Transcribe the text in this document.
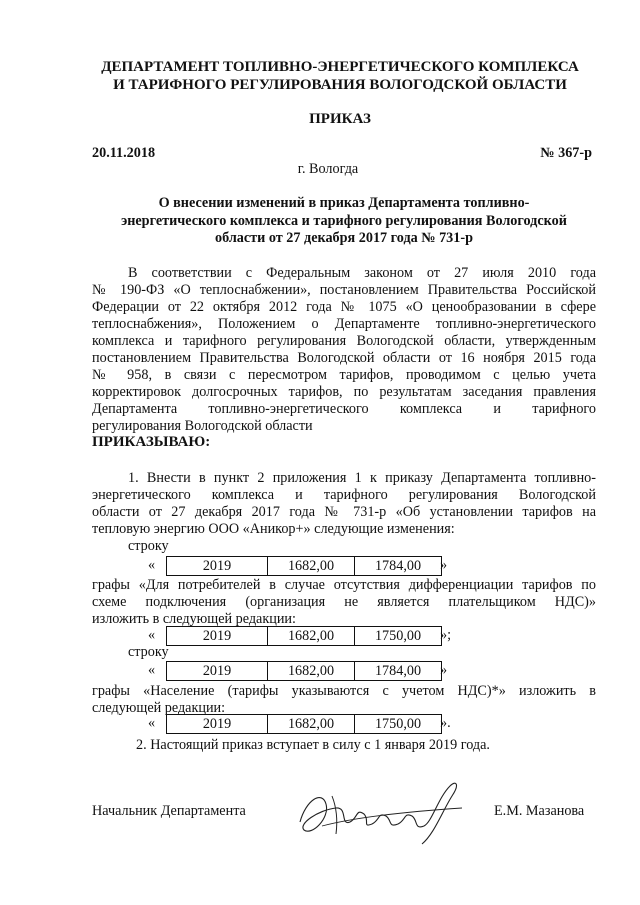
ДЕПАРТАМЕНТ ТОПЛИВНО-ЭНЕРГЕТИЧЕСКОГО КОМПЛЕКСА
И ТАРИФНОГО РЕГУЛИРОВАНИЯ ВОЛОГОДСКОЙ ОБЛАСТИ
ПРИКАЗ
20.11.2018	№ 367-р
г. Вологда
О внесении изменений в приказ Департамента топливно-
энергетического комплекса и тарифного регулирования Вологодской
области от 27 декабря 2017 года № 731-р
В соответствии с Федеральным законом от 27 июля 2010 года
№ 190-ФЗ «О теплоснабжении», постановлением Правительства Российской
Федерации от 22 октября 2012 года № 1075 «О ценообразовании в сфере
теплоснабжения», Положением о Департаменте топливно-энергетического
комплекса и тарифного регулирования Вологодской области, утвержденным
постановлением Правительства Вологодской области от 16 ноября 2015 года
№ 958, в связи с пересмотром тарифов, проводимом с целью учета
корректировок долгосрочных тарифов, по результатам заседания правления
Департамента топливно-энергетического комплекса и тарифного
регулирования Вологодской области
ПРИКАЗЫВАЮ:
1. Внести в пункт 2 приложения 1 к приказу Департамента топливно-
энергетического комплекса и тарифного регулирования Вологодской
области от 27 декабря 2017 года № 731-р «Об установлении тарифов на
тепловую энергию ООО «Аникор+» следующие изменения:
строку
«	2019	1682,00	1784,00	»
графы «Для потребителей в случае отсутствия дифференциации тарифов по
схеме подключения (организация не является плательщиком НДС)»
изложить в следующей редакции:
«	2019	1682,00	1750,00	»;
строку
«	2019	1682,00	1784,00	»
графы «Население (тарифы указываются с учетом НДС)*» изложить в
следующей редакции:
«	2019	1682,00	1750,00	».
2. Настоящий приказ вступает в силу с 1 января 2019 года.
Начальник Департамента	Е.М. Мазанова
